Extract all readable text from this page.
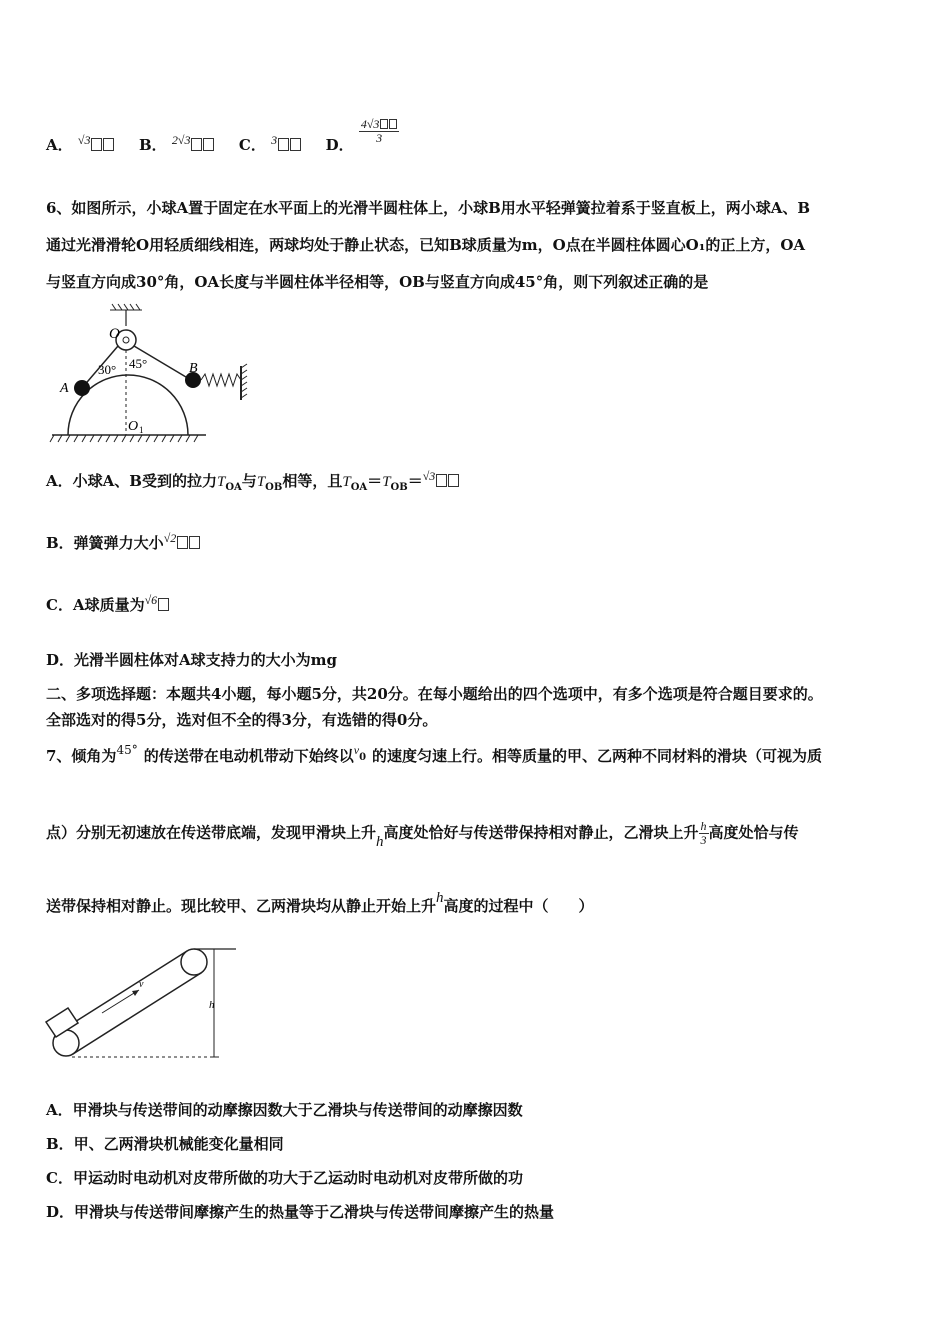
A． $^{√3}$	B． $^{2√3}$	C． $^3$	D． $\frac{4√3}{3}$
6、如图所示，小球A置于固定在水平面上的光滑半圆柱体上，小球B用水平轻弹簧拉着系于竖直板上，两小球A、B
通过光滑滑轮O用轻质细线相连，两球均处于静止状态，已知B球质量为m，O点在半圆柱体圆心O₁的正上方，OA
与竖直方向成30°角，OA长度与半圆柱体半径相等，OB与竖直方向成45°角，则下列叙述正确的是
O
A
B
O 1
30° 45°
A．小球A、B受到的拉力$T_{OA}$与$T_{OB}$相等，且$T_{OA}=T_{OB}=^{√3}$
B．弹簧弹力大小$^{√2}$
C．A球质量为$^{√6}$
D．光滑半圆柱体对A球支持力的大小为mg
二、多项选择题：本题共4小题，每小题5分，共20分。在每小题给出的四个选项中，有多个选项是符合题目要求的。
全部选对的得5分，选对但不全的得3分，有选错的得0分。
7、倾角为$^{45^\circ}$ 的传送带在电动机带动下始终以$^v_0$ 的速度匀速上行。相等质量的甲、乙两种不同材料的滑块（可视为质
点）分别无初速放在传送带底端，发现甲滑块上升h高度处恰好与传送带保持相对静止，乙滑块上升 $\frac{h}{3}$ 高度处恰与传
送带保持相对静止。现比较甲、乙两滑块均从静止开始上升h高度的过程中（　　）
v
h
A．甲滑块与传送带间的动摩擦因数大于乙滑块与传送带间的动摩擦因数
B．甲、乙两滑块机械能变化量相同
C．甲运动时电动机对皮带所做的功大于乙运动时电动机对皮带所做的功
D．甲滑块与传送带间摩擦产生的热量等于乙滑块与传送带间摩擦产生的热量
